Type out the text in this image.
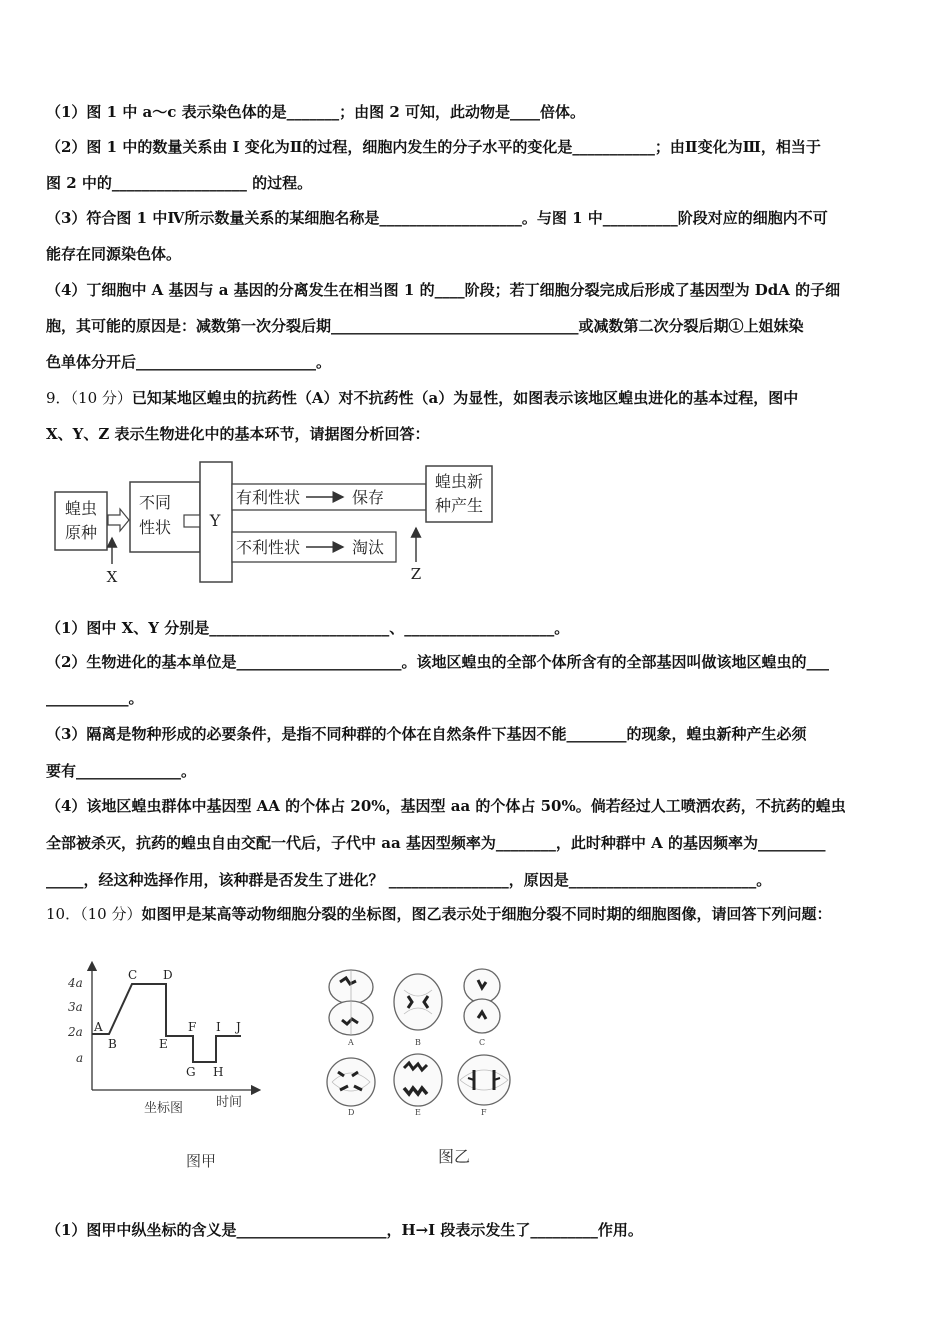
（1）图 1 中 a～c 表示染色体的是_______；由图 2 可知，此动物是____倍体。
（2）图 1 中的数量关系由 I 变化为Ⅱ的过程，细胞内发生的分子水平的变化是___________；由Ⅱ变化为Ⅲ，相当于
图 2 中的__________________ 的过程。
（3）符合图 1 中Ⅳ所示数量关系的某细胞名称是___________________。与图 1 中__________阶段对应的细胞内不可
能存在同源染色体。
（4）丁细胞中 A 基因与 a 基因的分离发生在相当图 1 的____阶段；若丁细胞分裂完成后形成了基因型为 DdA 的子细
胞，其可能的原因是：减数第一次分裂后期_________________________________或减数第二次分裂后期①上姐妹染
色单体分开后________________________。
9．（10 分）已知某地区蝗虫的抗药性（A）对不抗药性（a）为显性，如图表示该地区蝗虫进化的基本过程，图中
X、Y、Z 表示生物进化中的基本环节，请据图分析回答：
蝗虫
原种
不同
性状 Y
有利性状	保存
不利性状	淘汰
蝗虫新
种产生
X	Z
（1）图中 X、Y 分别是________________________、____________________。
（2）生物进化的基本单位是______________________。该地区蝗虫的全部个体所含有的全部基因叫做该地区蝗虫的___
___________。
（3）隔离是物种形成的必要条件，是指不同种群的个体在自然条件下基因不能________的现象，蝗虫新种产生必须
要有______________。
（4）该地区蝗虫群体中基因型 AA 的个体占 20%，基因型 aa 的个体占 50%。倘若经过人工喷洒农药，不抗药的蝗虫
全部被杀灭，抗药的蝗虫自由交配一代后，子代中 aa 基因型频率为________，此时种群中 A 的基因频率为_________
_____，经这种选择作用，该种群是否发生了进化？ ________________，原因是_________________________。
10．（10 分）如图甲是某高等动物细胞分裂的坐标图，图乙表示处于细胞分裂不同时期的细胞图像，请回答下列问题：
4a
3a
2a
a
A
B
C D
E
F
G H
I J
坐标图	时间
图甲
A	B	C
D	E	F
图乙
（1）图甲中纵坐标的含义是____________________，H→I 段表示发生了_________作用。
